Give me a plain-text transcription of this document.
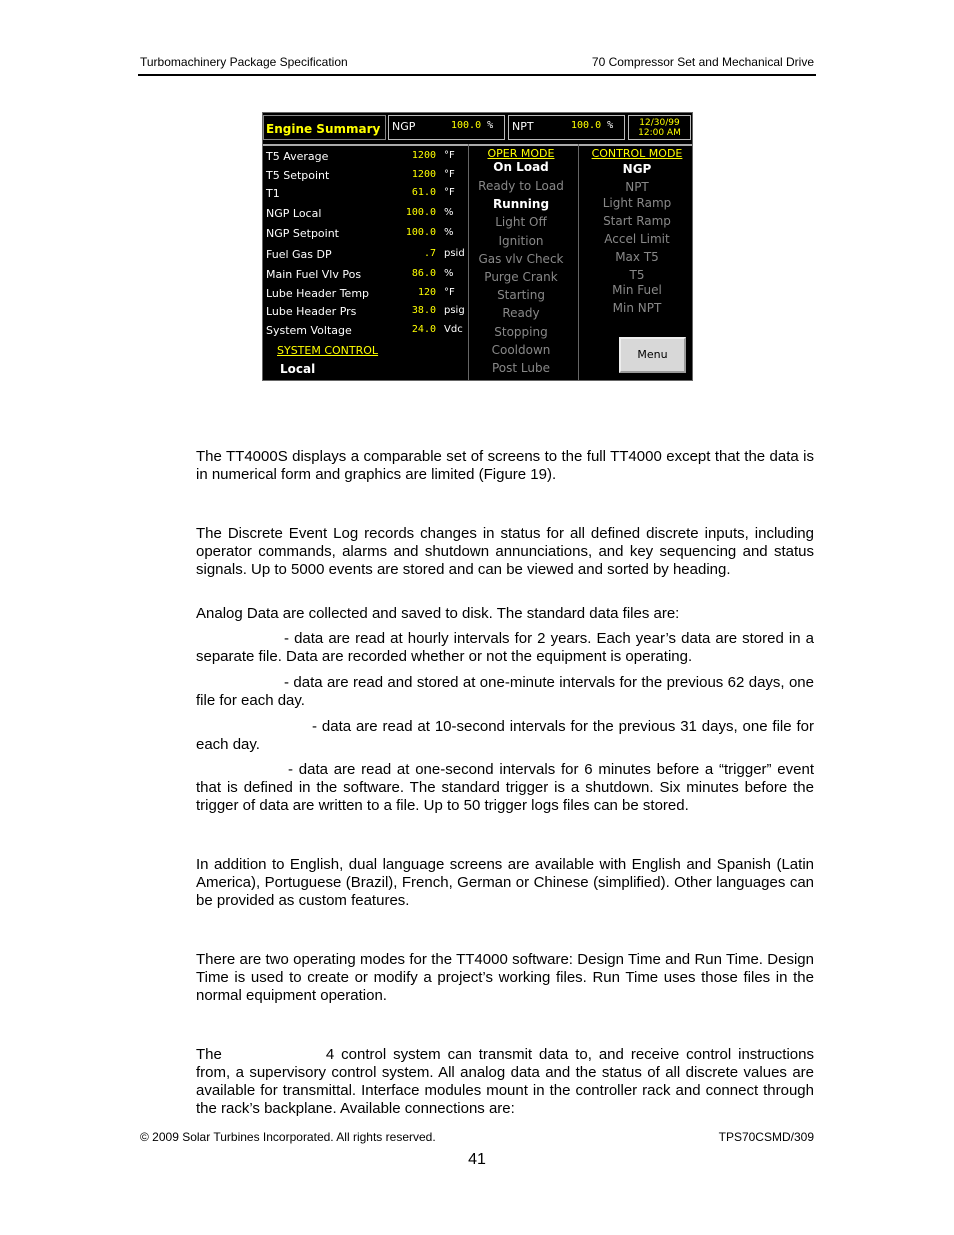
Turbomachinery Package Specification	70 Compressor Set and Mechanical Drive
Engine Summary	NGP	100.0 % NPT	100.0 %	12/30/99
12:00 AM
T5 Average	1200 °F
T5 Setpoint	1200 °F
T1	61.0 °F
NGP Local	100.0 %
NGP Setpoint	100.0 %
Fuel Gas DP	.7 psid
Main Fuel Vlv Pos	86.0 %
Lube Header Temp	120 °F
Lube Header Prs	38.0 psig
System Voltage	24.0 Vdc
SYSTEM CONTROL
Local
OPER MODE
On Load
Ready to Load
Running
Light Off
Ignition
Gas vlv Check
Purge Crank
Starting
Ready
Stopping
Cooldown
Post Lube
CONTROL MODE
NGP
NPT
Light Ramp
Start Ramp
Accel Limit
Max T5
T5
Min Fuel
Min NPT
Menu
The TT4000S displays a comparable set of screens to the full TT4000 except that the data is in numerical form and graphics are limited (Figure 19).
The Discrete Event Log records changes in status for all defined discrete inputs, including operator commands, alarms and shutdown annunciations, and key sequencing and status signals. Up to 5000 events are stored and can be viewed and sorted by heading.
Analog Data are collected and saved to disk. The standard data files are:
- data are read at hourly intervals for 2 years. Each year’s data are stored in a separate file. Data are recorded whether or not the equipment is operating.
- data are read and stored at one-minute intervals for the previous 62 days, one file for each day.
- data are read at 10-second intervals for the previous 31 days, one file for each day.
- data are read at one-second intervals for 6 minutes before a “trigger” event that is defined in the software. The standard trigger is a shutdown. Six minutes before the trigger of data are written to a file. Up to 50 trigger logs files can be stored.
In addition to English, dual language screens are available with English and Spanish (Latin America), Portuguese (Brazil), French, German or Chinese (simplified). Other languages can be provided as custom features.
There are two operating modes for the TT4000 software: Design Time and Run Time. Design Time is used to create or modify a project’s working files. Run Time uses those files in the normal equipment operation.
The	4 control system can transmit data to, and receive control instructions from, a supervisory control system. All analog data and the status of all discrete values are available for transmittal. Interface modules mount in the controller rack and connect through the rack’s backplane. Available connections are:
© 2009 Solar Turbines Incorporated. All rights reserved.	TPS70CSMD/309
41
